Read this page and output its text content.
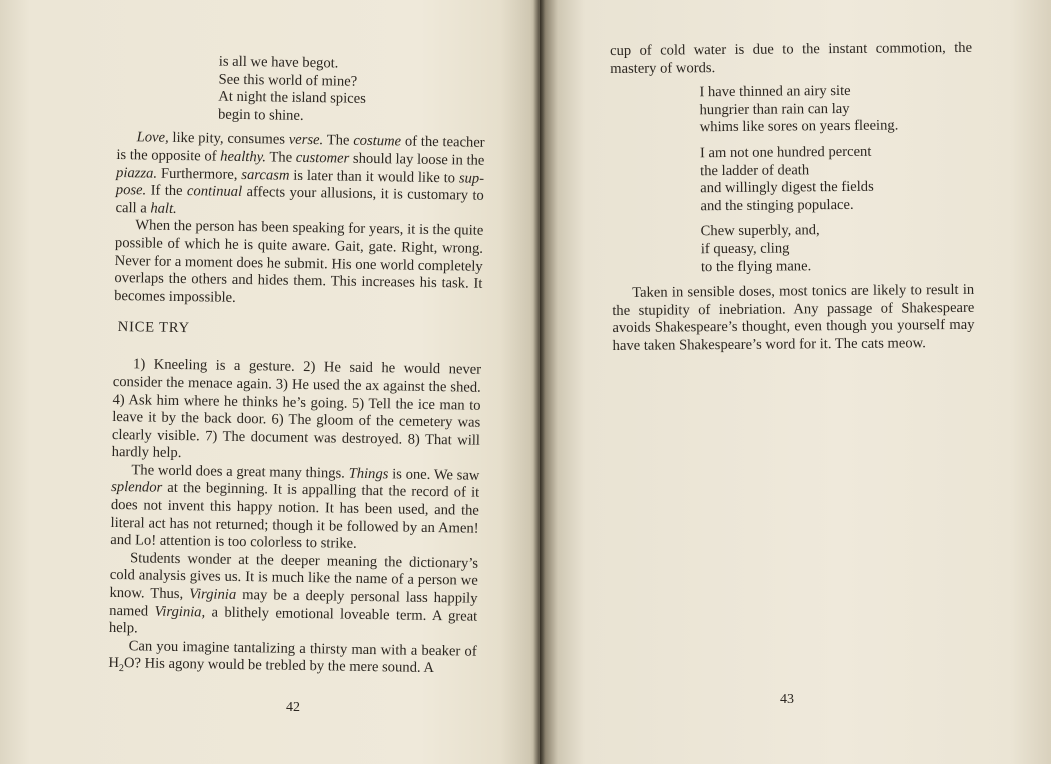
is all we have begot.
See this world of mine?
At night the island spices
begin to shine.

Love, like pity, consumes verse. The costume of the teacher is the opposite of healthy. The customer should lay loose in the piazza. Furthermore, sarcasm is later than it would like to suppose. If the continual affects your allusions, it is customary to call a halt.

When the person has been speaking for years, it is the quite possible of which he is quite aware. Gait, gate. Right, wrong. Never for a moment does he submit. His one world completely overlaps the others and hides them. This increases his task. It becomes impossible.

NICE TRY

1) Kneeling is a gesture. 2) He said he would never consider the menace again. 3) He used the ax against the shed. 4) Ask him where he thinks he’s going. 5) Tell the ice man to leave it by the back door. 6) The gloom of the cemetery was clearly visible. 7) The document was destroyed. 8) That will hardly help.

The world does a great many things. Things is one. We saw splendor at the beginning. It is appalling that the record of it does not invent this happy notion. It has been used, and the literal act has not returned; though it be followed by an Amen! and Lo! attention is too colorless to strike.

Students wonder at the deeper meaning the dictionary’s cold analysis gives us. It is much like the name of a person we know. Thus, Virginia may be a deeply personal lass happily named Virginia, a blithely emotional loveable term. A great help.

Can you imagine tantalizing a thirsty man with a beaker of $H_2O$? His agony would be trebled by the mere sound. A

42

cup of cold water is due to the instant commotion, the mastery of words.

I have thinned an airy site
hungrier than rain can lay
whims like sores on years fleeing.
I am not one hundred percent
the ladder of death
and willingly digest the fields
and the stinging populace.
Chew superbly, and,
if queasy, cling
to the flying mane.

Taken in sensible doses, most tonics are likely to result in the stupidity of inebriation. Any passage of Shakespeare avoids Shakespeare’s thought, even though you yourself may have taken Shakespeare’s word for it. The cats meow.

43
